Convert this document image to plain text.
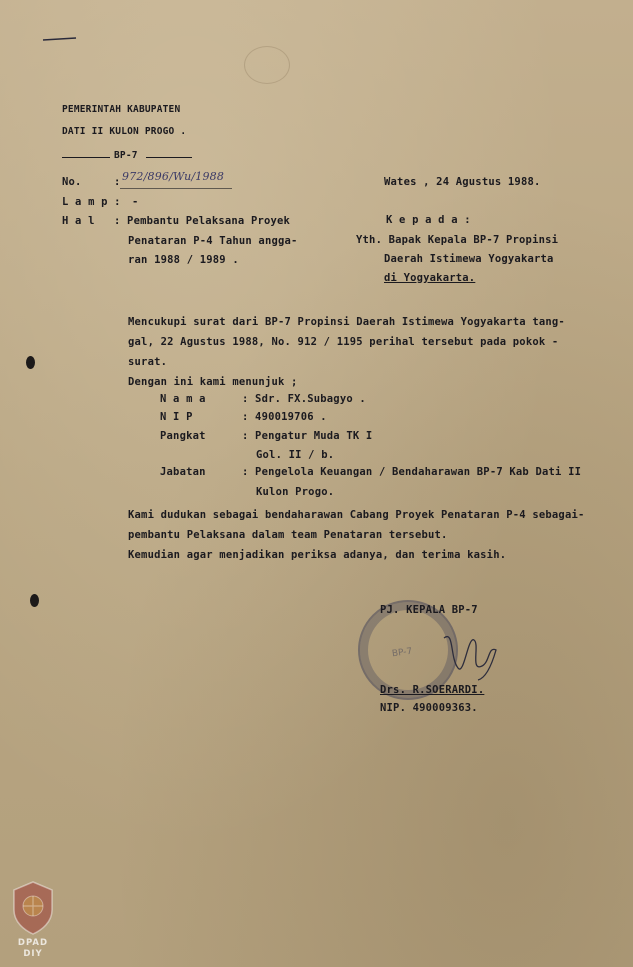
PEMERINTAH KABUPATEN
DATI II KULON PROGO .
BP-7
No.	: 972/896/Wu/1988
L a m p : -
H a l : Pembantu Pelaksana Proyek
Penataran P-4 Tahun angga-
ran 1988 / 1989 .
Wates , 24 Agustus 1988.
K e p a d a :
Yth. Bapak Kepala BP-7 Propinsi
Daerah Istimewa Yogyakarta
di Yogyakarta.
Mencukupi surat dari BP-7 Propinsi Daerah Istimewa Yogyakarta tang-
gal, 22 Agustus 1988, No. 912 / 1195 perihal tersebut pada pokok -
surat.
Dengan ini kami menunjuk ;
N a m a	: Sdr. FX.Subagyo .
N I P	: 490019706 .
Pangkat	: Pengatur Muda TK I
Gol. II / b.
Jabatan	: Pengelola Keuangan / Bendaharawan BP-7 Kab Dati II
Kulon Progo.
Kami dudukan sebagai bendaharawan Cabang Proyek Penataran P-4 sebagai-
pembantu Pelaksana dalam team Penataran tersebut.
Kemudian agar menjadikan periksa adanya, dan terima kasih.
BP-7
PJ. KEPALA BP-7
Drs. R.SOERARDI.
NIP. 490009363.
DPAD
DIY
